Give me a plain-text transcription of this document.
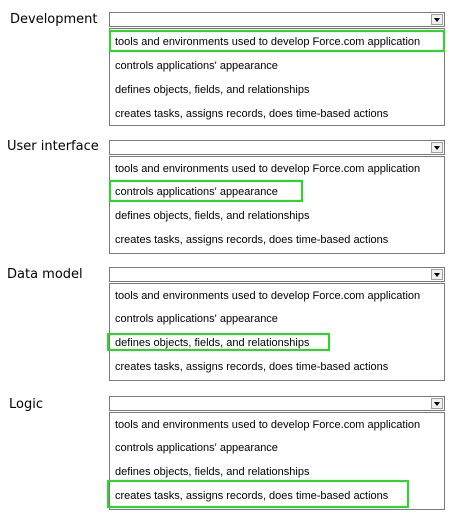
Development
tools and environments used to develop Force.com application
controls applications' appearance
defines objects, fields, and relationships
creates tasks, assigns records, does time-based actions
User interface
tools and environments used to develop Force.com application
controls applications' appearance
defines objects, fields, and relationships
creates tasks, assigns records, does time-based actions
Data model
tools and environments used to develop Force.com application
controls applications' appearance
defines objects, fields, and relationships
creates tasks, assigns records, does time-based actions
Logic
tools and environments used to develop Force.com application
controls applications' appearance
defines objects, fields, and relationships
creates tasks, assigns records, does time-based actions
